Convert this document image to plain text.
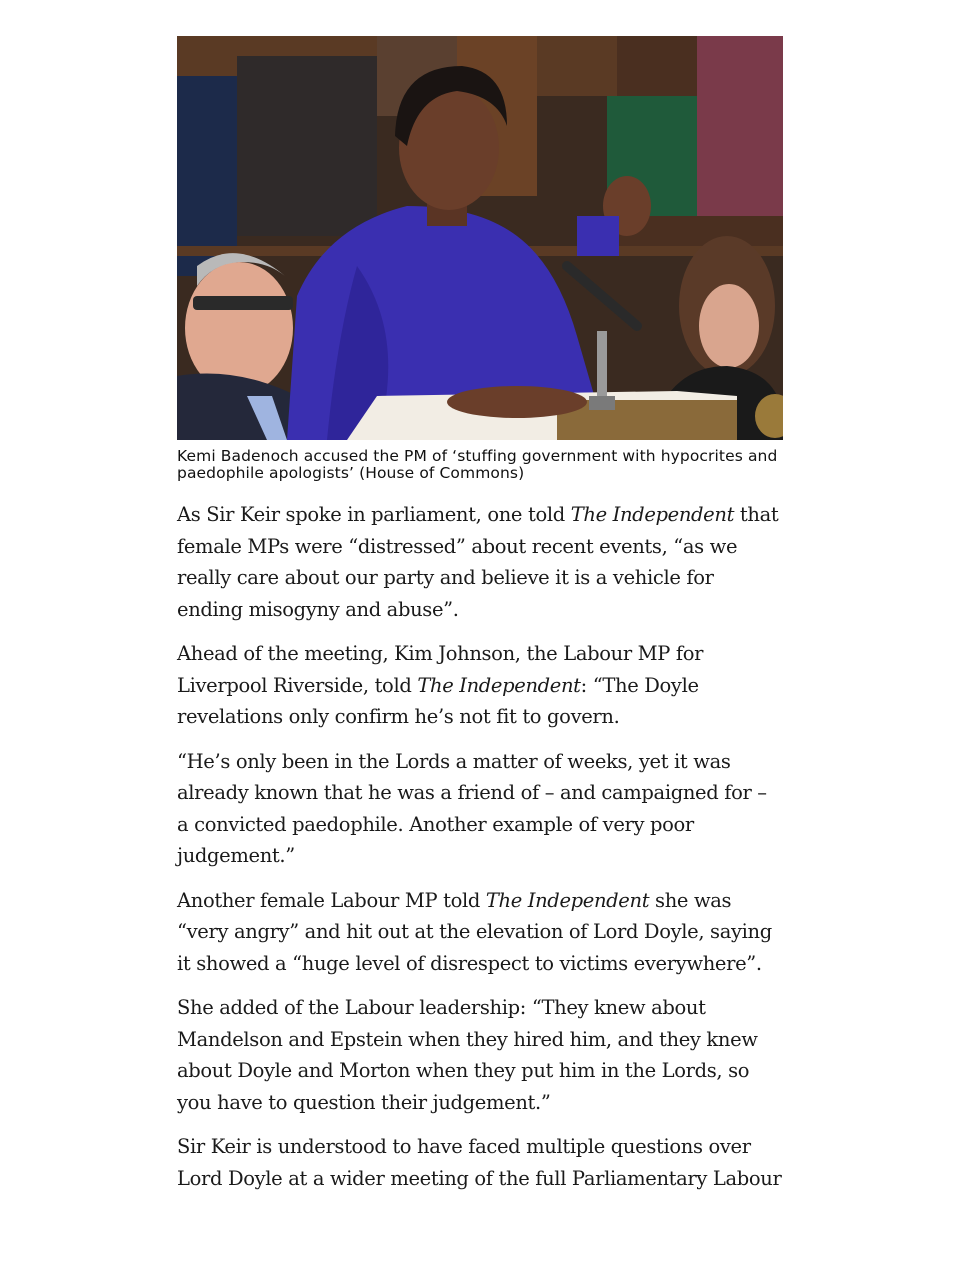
Kemi Badenoch accused the PM of ‘stuffing government with hypocrites and paedophile apologists’ (House of Commons)

As Sir Keir spoke in parliament, one told The Independent that female MPs were “distressed” about recent events, “as we really care about our party and believe it is a vehicle for ending misogyny and abuse”.

Ahead of the meeting, Kim Johnson, the Labour MP for Liverpool Riverside, told The Independent: “The Doyle revelations only confirm he’s not fit to govern.

“He’s only been in the Lords a matter of weeks, yet it was already known that he was a friend of – and campaigned for – a convicted paedophile. Another example of very poor judgement.”

Another female Labour MP told The Independent she was “very angry” and hit out at the elevation of Lord Doyle, saying it showed a “huge level of disrespect to victims everywhere”.

She added of the Labour leadership: “They knew about Mandelson and Epstein when they hired him, and they knew about Doyle and Morton when they put him in the Lords, so you have to question their judgement.”

Sir Keir is understood to have faced multiple questions over Lord Doyle at a wider meeting of the full Parliamentary Labour
